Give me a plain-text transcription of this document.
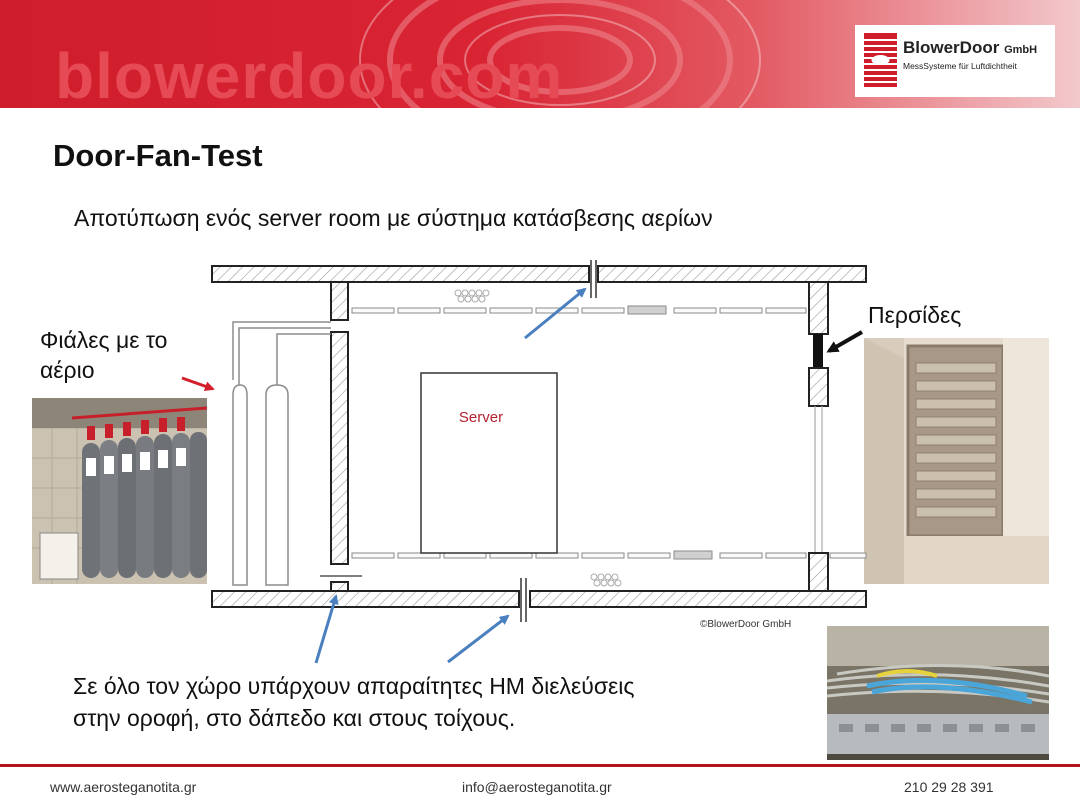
blowerdoor.com	BlowerDoor GmbH
MessSysteme für Luftdichtheit
Door-Fan-Test
Αποτύπωση ενός server room με σύστημα κατάσβεσης αερίων
Φιάλες με το
αέριο
Περσίδες
Server
©BlowerDoor GmbH
Σε όλο τον χώρο υπάρχουν απαραίτητες ΗΜ διελεύσεις
στην οροφή, στο δάπεδο και στους τοίχους.
www.aerosteganotita.gr	info@aerosteganotita.gr	210 29 28 391
